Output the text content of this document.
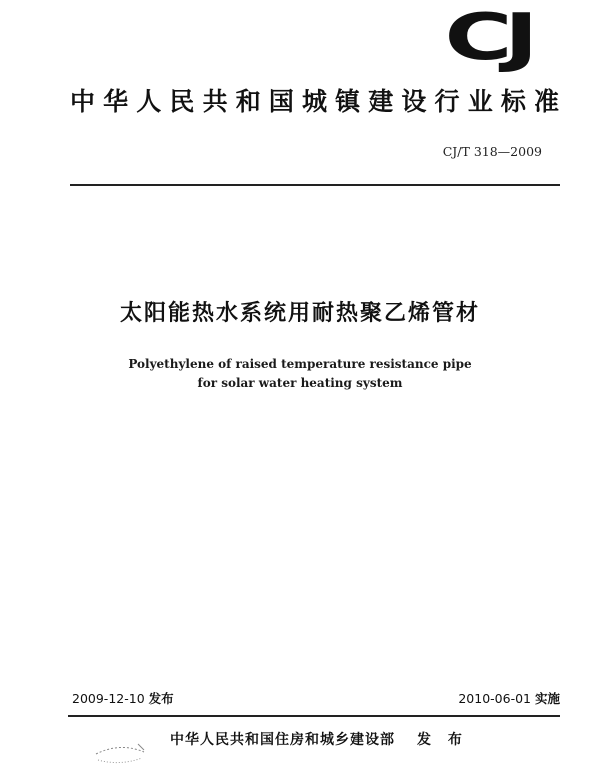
CJ
中华人民共和国城镇建设行业标准
CJ/T 318—2009
太阳能热水系统用耐热聚乙烯管材
Polyethylene of raised temperature resistance pipe
for solar water heating system
2009-12-10 发布	2010-06-01 实施
中华人民共和国住房和城乡建设部 发 布
